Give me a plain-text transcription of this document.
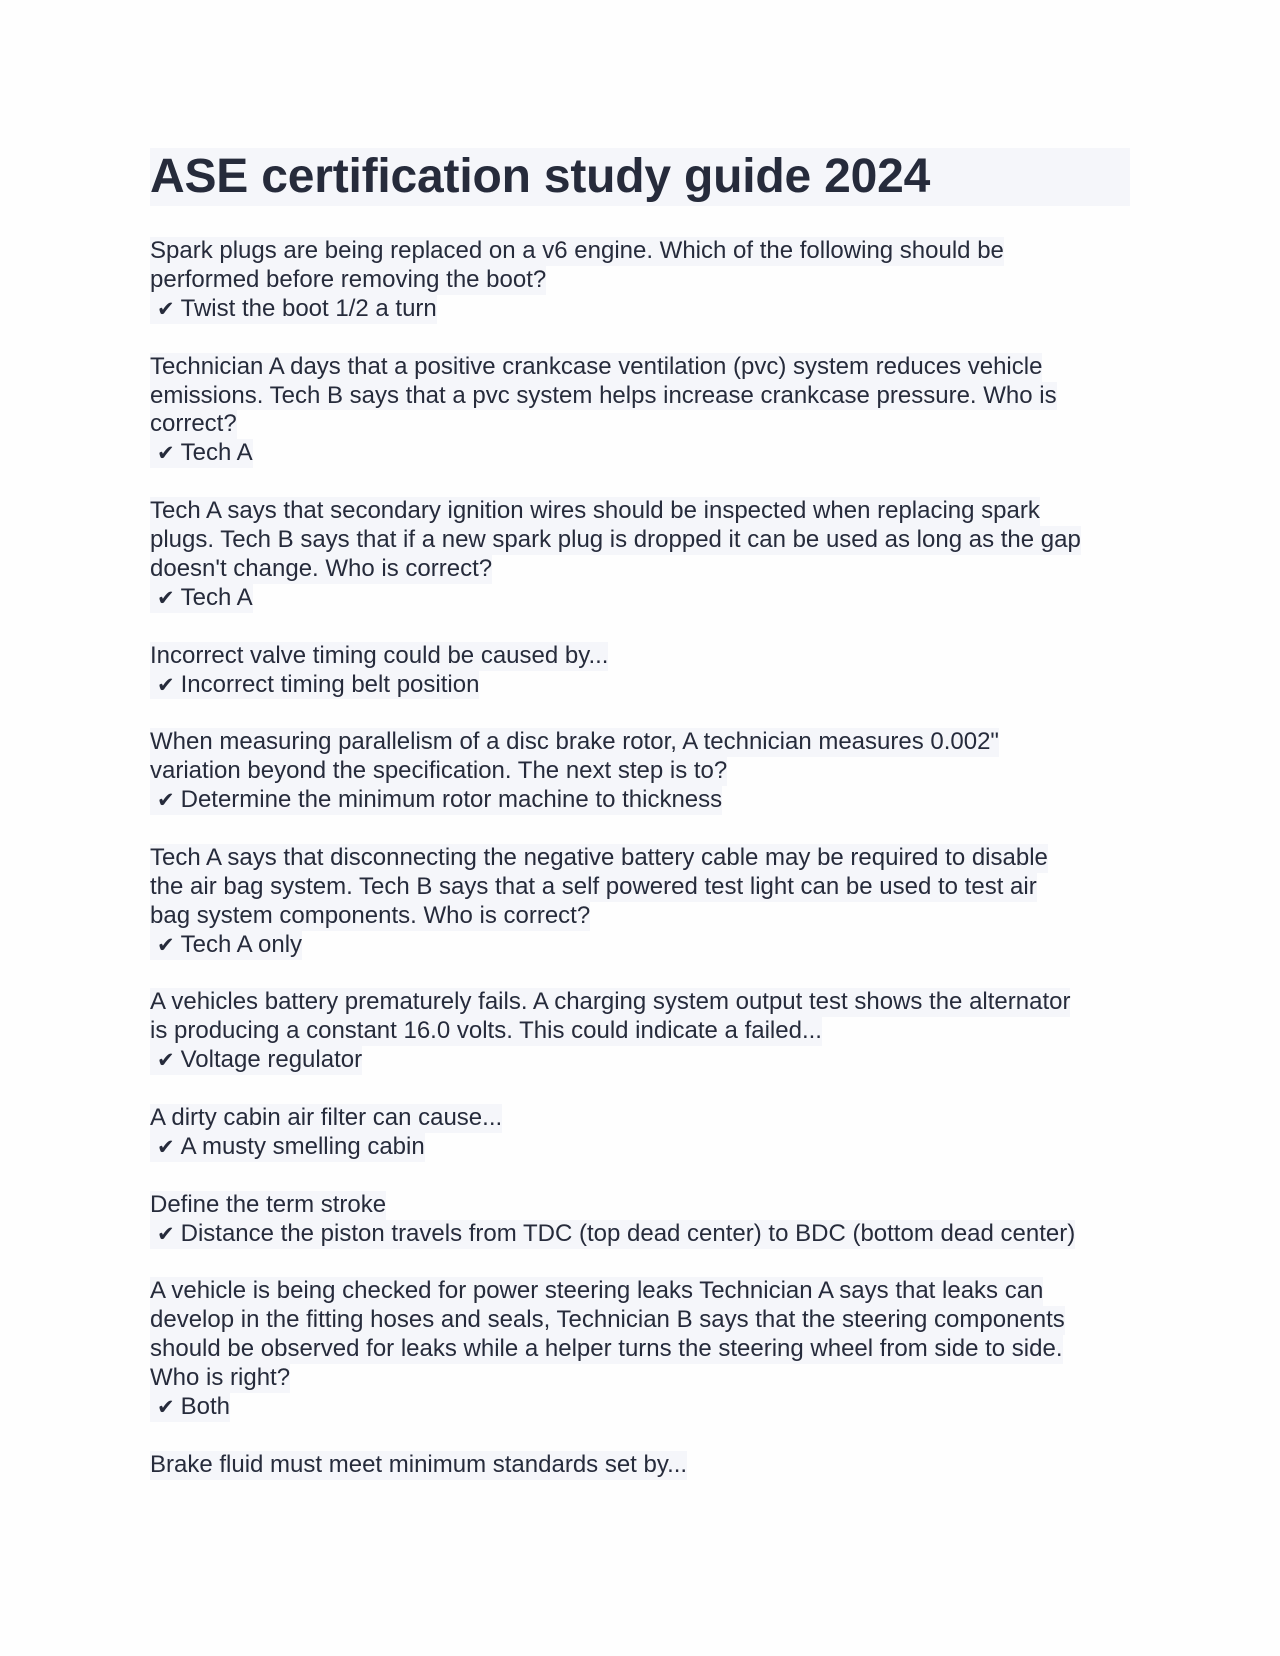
ASE certification study guide 2024
Spark plugs are being replaced on a v6 engine. Which of the following should be
performed before removing the boot?
✔ Twist the boot 1/2 a turn
Technician A days that a positive crankcase ventilation (pvc) system reduces vehicle
emissions. Tech B says that a pvc system helps increase crankcase pressure. Who is
correct?
✔ Tech A
Tech A says that secondary ignition wires should be inspected when replacing spark
plugs. Tech B says that if a new spark plug is dropped it can be used as long as the gap
doesn't change. Who is correct?
✔ Tech A
Incorrect valve timing could be caused by...
✔ Incorrect timing belt position
When measuring parallelism of a disc brake rotor, A technician measures 0.002"
variation beyond the specification. The next step is to?
✔ Determine the minimum rotor machine to thickness
Tech A says that disconnecting the negative battery cable may be required to disable
the air bag system. Tech B says that a self powered test light can be used to test air
bag system components. Who is correct?
✔ Tech A only
A vehicles battery prematurely fails. A charging system output test shows the alternator
is producing a constant 16.0 volts. This could indicate a failed...
✔ Voltage regulator
A dirty cabin air filter can cause...
✔ A musty smelling cabin
Define the term stroke
✔ Distance the piston travels from TDC (top dead center) to BDC (bottom dead center)
A vehicle is being checked for power steering leaks Technician A says that leaks can
develop in the fitting hoses and seals, Technician B says that the steering components
should be observed for leaks while a helper turns the steering wheel from side to side.
Who is right?
✔ Both
Brake fluid must meet minimum standards set by...
